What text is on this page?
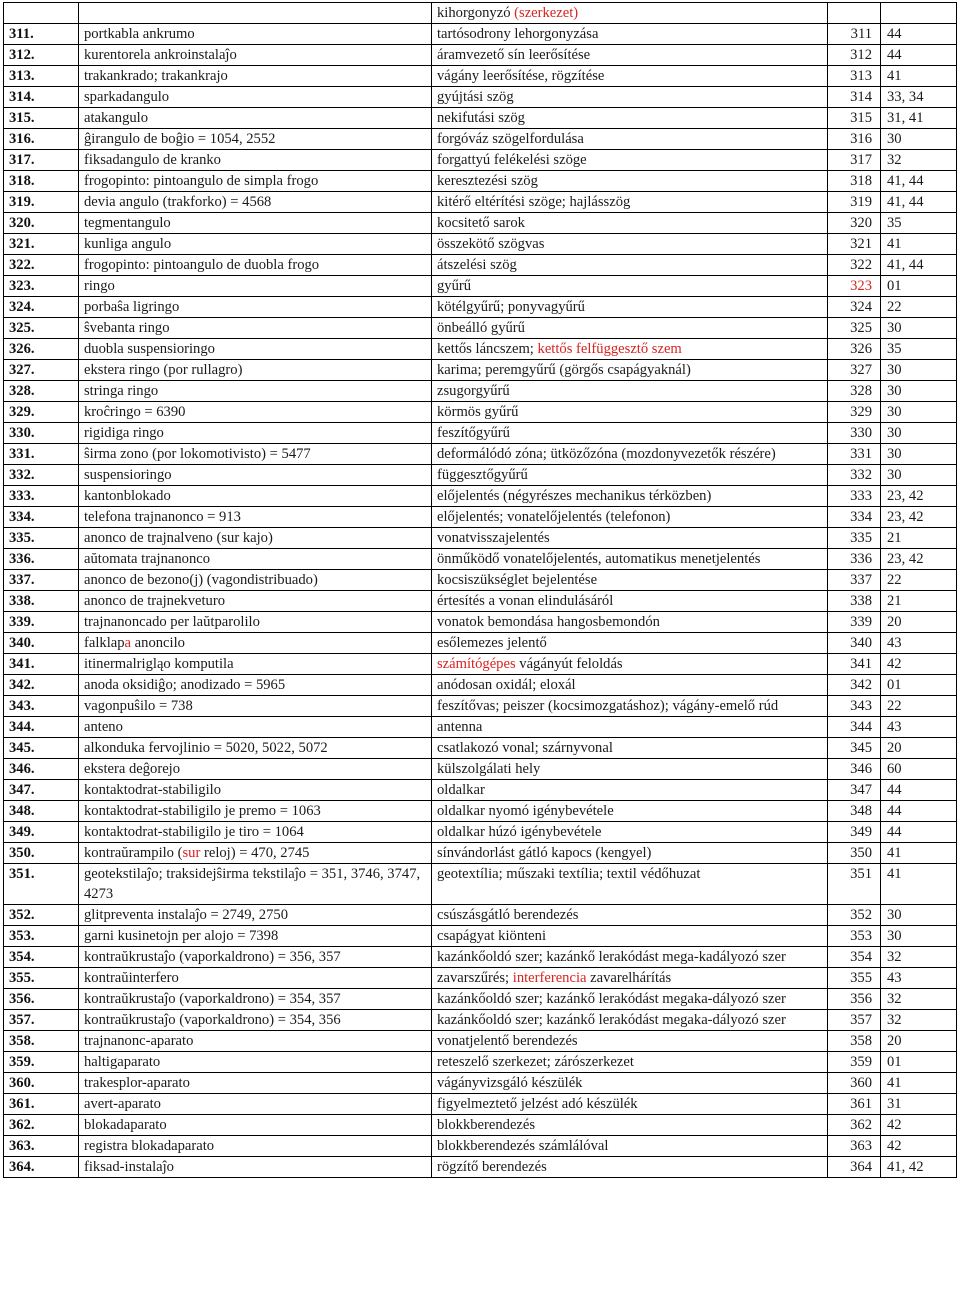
		kihorgonyzó (szerkezet)		
311.	portkabla ankrumo	tartósodrony lehorgonyzása	311	44
312.	kurentorela ankroinstalaĵo	áramvezető sín leerősítése	312	44
313.	trakankrado; trakankrajo	vágány leerősítése, rögzítése	313	41
314.	sparkadangulo	gyújtási szög	314	33, 34
315.	atakangulo	nekifutási szög	315	31, 41
316.	ĝirangulo de boĝio = 1054, 2552	forgóváz szögelfordulása	316	30
317.	fiksadangulo de kranko	forgattyú felékelési szöge	317	32
318.	frogopinto: pintoangulo de simpla frogo	keresztezési szög	318	41, 44
319.	devia angulo (trakforko) = 4568	kitérő eltérítési szöge; hajlásszög	319	41, 44
320.	tegmentangulo	kocsitető sarok	320	35
321.	kunliga angulo	összekötő szögvas	321	41
322.	frogopinto: pintoangulo de duobla frogo	átszelési szög	322	41, 44
323.	ringo	gyűrű	323	01
324.	porbaŝa ligringo	kötélgyűrű; ponyvagyűrű	324	22
325.	ŝvebanta ringo	önbeálló gyűrű	325	30
326.	duobla suspensioringo	kettős láncszem; kettős felfüggesztő szem	326	35
327.	ekstera ringo (por rullagro)	karima; peremgyűrű (görgős csapágyaknál)	327	30
328.	stringa ringo	zsugorgyűrű	328	30
329.	kroĉringo = 6390	körmös gyűrű	329	30
330.	rigidiga ringo	feszítőgyűrű	330	30
331.	ŝirma zono (por lokomotivisto) = 5477	deformálódó zóna; ütközőzóna (mozdonyvezetők részére)	331	30
332.	suspensioringo	függesztőgyűrű	332	30
333.	kantonblokado	előjelentés (négyrészes mechanikus térközben)	333	23, 42
334.	telefona trajnanonco = 913	előjelentés; vonatelőjelentés (telefonon)	334	23, 42
335.	anonco de trajnalveno (sur kajo)	vonatvisszajelentés	335	21
336.	aŭtomata trajnanonco	önműködő vonatelőjelentés, automatikus menetjelentés	336	23, 42
337.	anonco de bezono(j) (vagondistribuado)	kocsiszükséglet bejelentése	337	22
338.	anonco de trajnekveturo	értesítés a vonan elindulásáról	338	21
339.	trajnanoncado per laŭtparolilo	vonatok bemondása hangosbemondón	339	20
340.	falklapa anoncilo	esőlemezes jelentő	340	43
341.	itinermalrigląo komputila	számítógépes vágányút feloldás	341	42
342.	anoda oksidiĝo; anodizado = 5965	anódosan oxidál; eloxál	342	01
343.	vagonpuŝilo = 738	feszítővas; peiszer (kocsimozgatáshoz); vágány-emelő rúd	343	22
344.	anteno	antenna	344	43
345.	alkonduka fervojlinio = 5020, 5022, 5072	csatlakozó vonal; szárnyvonal	345	20
346.	ekstera deĝorejo	külszolgálati hely	346	60
347.	kontaktodrat-stabiligilo	oldalkar	347	44
348.	kontaktodrat-stabiligilo je premo = 1063	oldalkar nyomó igénybevétele	348	44
349.	kontaktodrat-stabiligilo je tiro = 1064	oldalkar húzó igénybevétele	349	44
350.	kontraŭrampilo (sur reloj) = 470, 2745	sínvándorlást gátló kapocs (kengyel)	350	41
351.	geotekstilaĵo; traksidejŝirma tekstilaĵo = 351, 3746, 3747, 4273	geotextília; műszaki textília; textil védőhuzat	351	41
352.	glitpreventa instalaĵo = 2749, 2750	csúszásgátló berendezés	352	30
353.	garni kusinetojn per alojo = 7398	csapágyat kiönteni	353	30
354.	kontraŭkrustaĵo (vaporkaldrono) = 356, 357	kazánkőoldó szer; kazánkő lerakódást mega-kadályozó szer	354	32
355.	kontraŭinterfero	zavarszűrés; interferencia zavarelhárítás	355	43
356.	kontraŭkrustaĵo (vaporkaldrono) = 354, 357	kazánkőoldó szer; kazánkő lerakódást megaka-dályozó szer	356	32
357.	kontraŭkrustaĵo (vaporkaldrono) = 354, 356	kazánkőoldó szer; kazánkő lerakódást megaka-dályozó szer	357	32
358.	trajnanonc-aparato	vonatjelentő berendezés	358	20
359.	haltigaparato	reteszelő szerkezet; zárószerkezet	359	01
360.	trakesplor-aparato	vágányvizsgáló készülék	360	41
361.	avert-aparato	figyelmeztető jelzést adó készülék	361	31
362.	blokadaparato	blokkberendezés	362	42
363.	registra blokadaparato	blokkberendezés számlálóval	363	42
364.	fiksad-instalaĵo	rögzítő berendezés	364	41, 42
